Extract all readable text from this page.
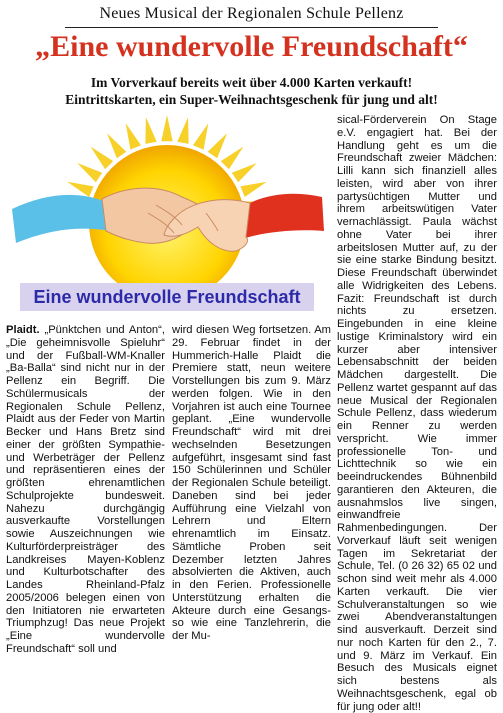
Neues Musical der Regionalen Schule Pellenz
„Eine wundervolle Freundschaft“
Im Vorverkauf bereits weit über 4.000 Karten verkauft!
Eintrittskarten, ein Super-Weihnachtsgeschenk für jung und alt!
Eine wundervolle Freundschaft

Plaidt. „Pünktchen und Anton“, „Die geheimnisvolle Spieluhr“ und der Fußball-WM-Knaller „Ba-Balla“ sind nicht nur in der Pellenz ein Begriff. Die Schülermusicals der Regionalen Schule Pellenz, Plaidt aus der Feder von Martin Becker und Hans Bretz sind einer der größten Sympathie- und Werbeträger der Pellenz und repräsentieren eines der größten ehrenamtlichen Schulprojekte bundesweit. Nahezu durchgängig ausverkaufte Vorstellungen sowie Auszeichnungen wie Kulturförderpreisträger des Landkreises Mayen-Koblenz und Kulturbotschafter des Landes Rheinland-Pfalz 2005/2006 belegen einen von den Initiatoren nie erwarteten Triumphzug! Das neue Projekt „Eine wundervolle Freundschaft“ soll und

wird diesen Weg fortsetzen. Am 29. Februar findet in der Hummerich-Halle Plaidt die Premiere statt, neun weitere Vorstellungen bis zum 9. März werden folgen. Wie in den Vorjahren ist auch eine Tournee geplant. „Eine wundervolle Freundschaft“ wird mit drei wechselnden Besetzungen aufgeführt, insgesamt sind fast 150 Schülerinnen und Schüler der Regionalen Schule beteiligt. Daneben sind bei jeder Aufführung eine Vielzahl von Lehrern und Eltern ehrenamtlich im Einsatz. Sämtliche Proben seit Dezember letzten Jahres absolvierten die Aktiven, auch in den Ferien. Professionelle Unterstützung erhalten die Akteure durch eine Gesangs- so wie eine Tanzlehrerin, die der Mu-

sical-Förderverein On Stage e.V. engagiert hat. Bei der Handlung geht es um die Freundschaft zweier Mädchen: Lilli kann sich finanziell alles leisten, wird aber von ihrer partysüchtigen Mutter und ihrem arbeitswütigen Vater vernachlässigt. Paula wächst ohne Vater bei ihrer arbeitslosen Mutter auf, zu der sie eine starke Bindung besitzt. Diese Freundschaft überwindet alle Widrigkeiten des Lebens. Fazit: Freundschaft ist durch nichts zu ersetzen. Eingebunden in eine kleine lustige Kriminalstory wird ein kurzer aber intensiver Lebensabschnitt der beiden Mädchen dargestellt. Die Pellenz wartet gespannt auf das neue Musical der Regionalen Schule Pellenz, dass wiederum ein Renner zu werden verspricht. Wie immer professionelle Ton- und Lichttechnik so wie ein beeindruckendes Bühnenbild garantieren den Akteuren, die ausnahmslos live singen, einwandfreie Rahmenbedingungen. Der Vorverkauf läuft seit wenigen Tagen im Sekretariat der Schule, Tel. (0 26 32) 65 02 und schon sind weit mehr als 4.000 Karten verkauft. Die vier Schulveranstaltungen so wie zwei Abendveranstaltungen sind ausverkauft. Derzeit sind nur noch Karten für den 2., 7. und 9. März im Verkauf. Ein Besuch des Musicals eignet sich bestens als Weihnachtsgeschenk, egal ob für jung oder alt!!
